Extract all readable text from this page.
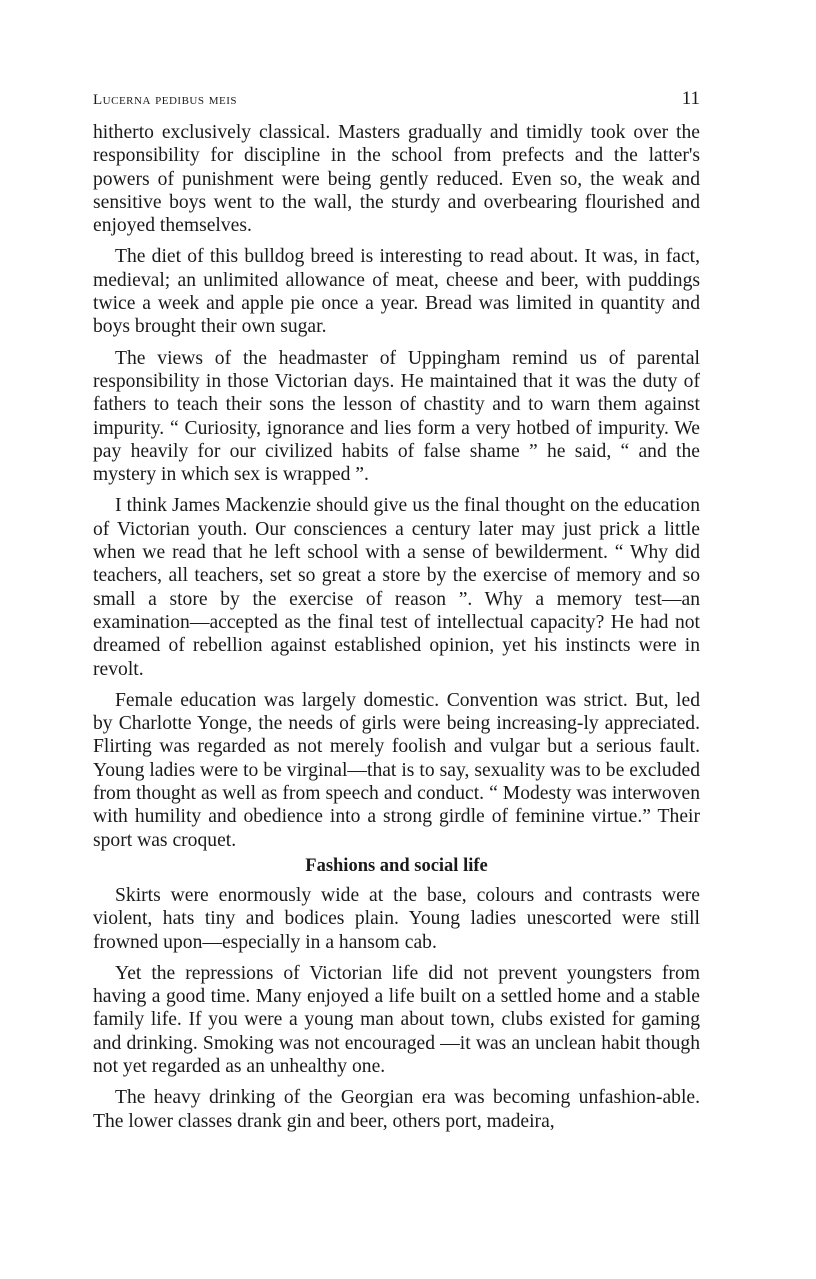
Lucerna pedibus meis	11

hitherto exclusively classical. Masters gradually and timidly took over the responsibility for discipline in the school from prefects and the latter's powers of punishment were being gently reduced. Even so, the weak and sensitive boys went to the wall, the sturdy and overbearing flourished and enjoyed themselves.

The diet of this bulldog breed is interesting to read about. It was, in fact, medieval; an unlimited allowance of meat, cheese and beer, with puddings twice a week and apple pie once a year. Bread was limited in quantity and boys brought their own sugar.

The views of the headmaster of Uppingham remind us of parental responsibility in those Victorian days. He maintained that it was the duty of fathers to teach their sons the lesson of chastity and to warn them against impurity. “ Curiosity, ignorance and lies form a very hotbed of impurity. We pay heavily for our civilized habits of false shame ” he said, “ and the mystery in which sex is wrapped ”.

I think James Mackenzie should give us the final thought on the education of Victorian youth. Our consciences a century later may just prick a little when we read that he left school with a sense of bewilderment. “ Why did teachers, all teachers, set so great a store by the exercise of memory and so small a store by the exercise of reason ”. Why a memory test—an examination—accepted as the final test of intellectual capacity? He had not dreamed of rebellion against established opinion, yet his instincts were in revolt.

Female education was largely domestic. Convention was strict. But, led by Charlotte Yonge, the needs of girls were being increasing-ly appreciated. Flirting was regarded as not merely foolish and vulgar but a serious fault. Young ladies were to be virginal—that is to say, sexuality was to be excluded from thought as well as from speech and conduct. “ Modesty was interwoven with humility and obedience into a strong girdle of feminine virtue.” Their sport was croquet.

Fashions and social life

Skirts were enormously wide at the base, colours and contrasts were violent, hats tiny and bodices plain. Young ladies unescorted were still frowned upon—especially in a hansom cab.

Yet the repressions of Victorian life did not prevent youngsters from having a good time. Many enjoyed a life built on a settled home and a stable family life. If you were a young man about town, clubs existed for gaming and drinking. Smoking was not encouraged —it was an unclean habit though not yet regarded as an unhealthy one.

The heavy drinking of the Georgian era was becoming unfashion-able. The lower classes drank gin and beer, others port, madeira,
